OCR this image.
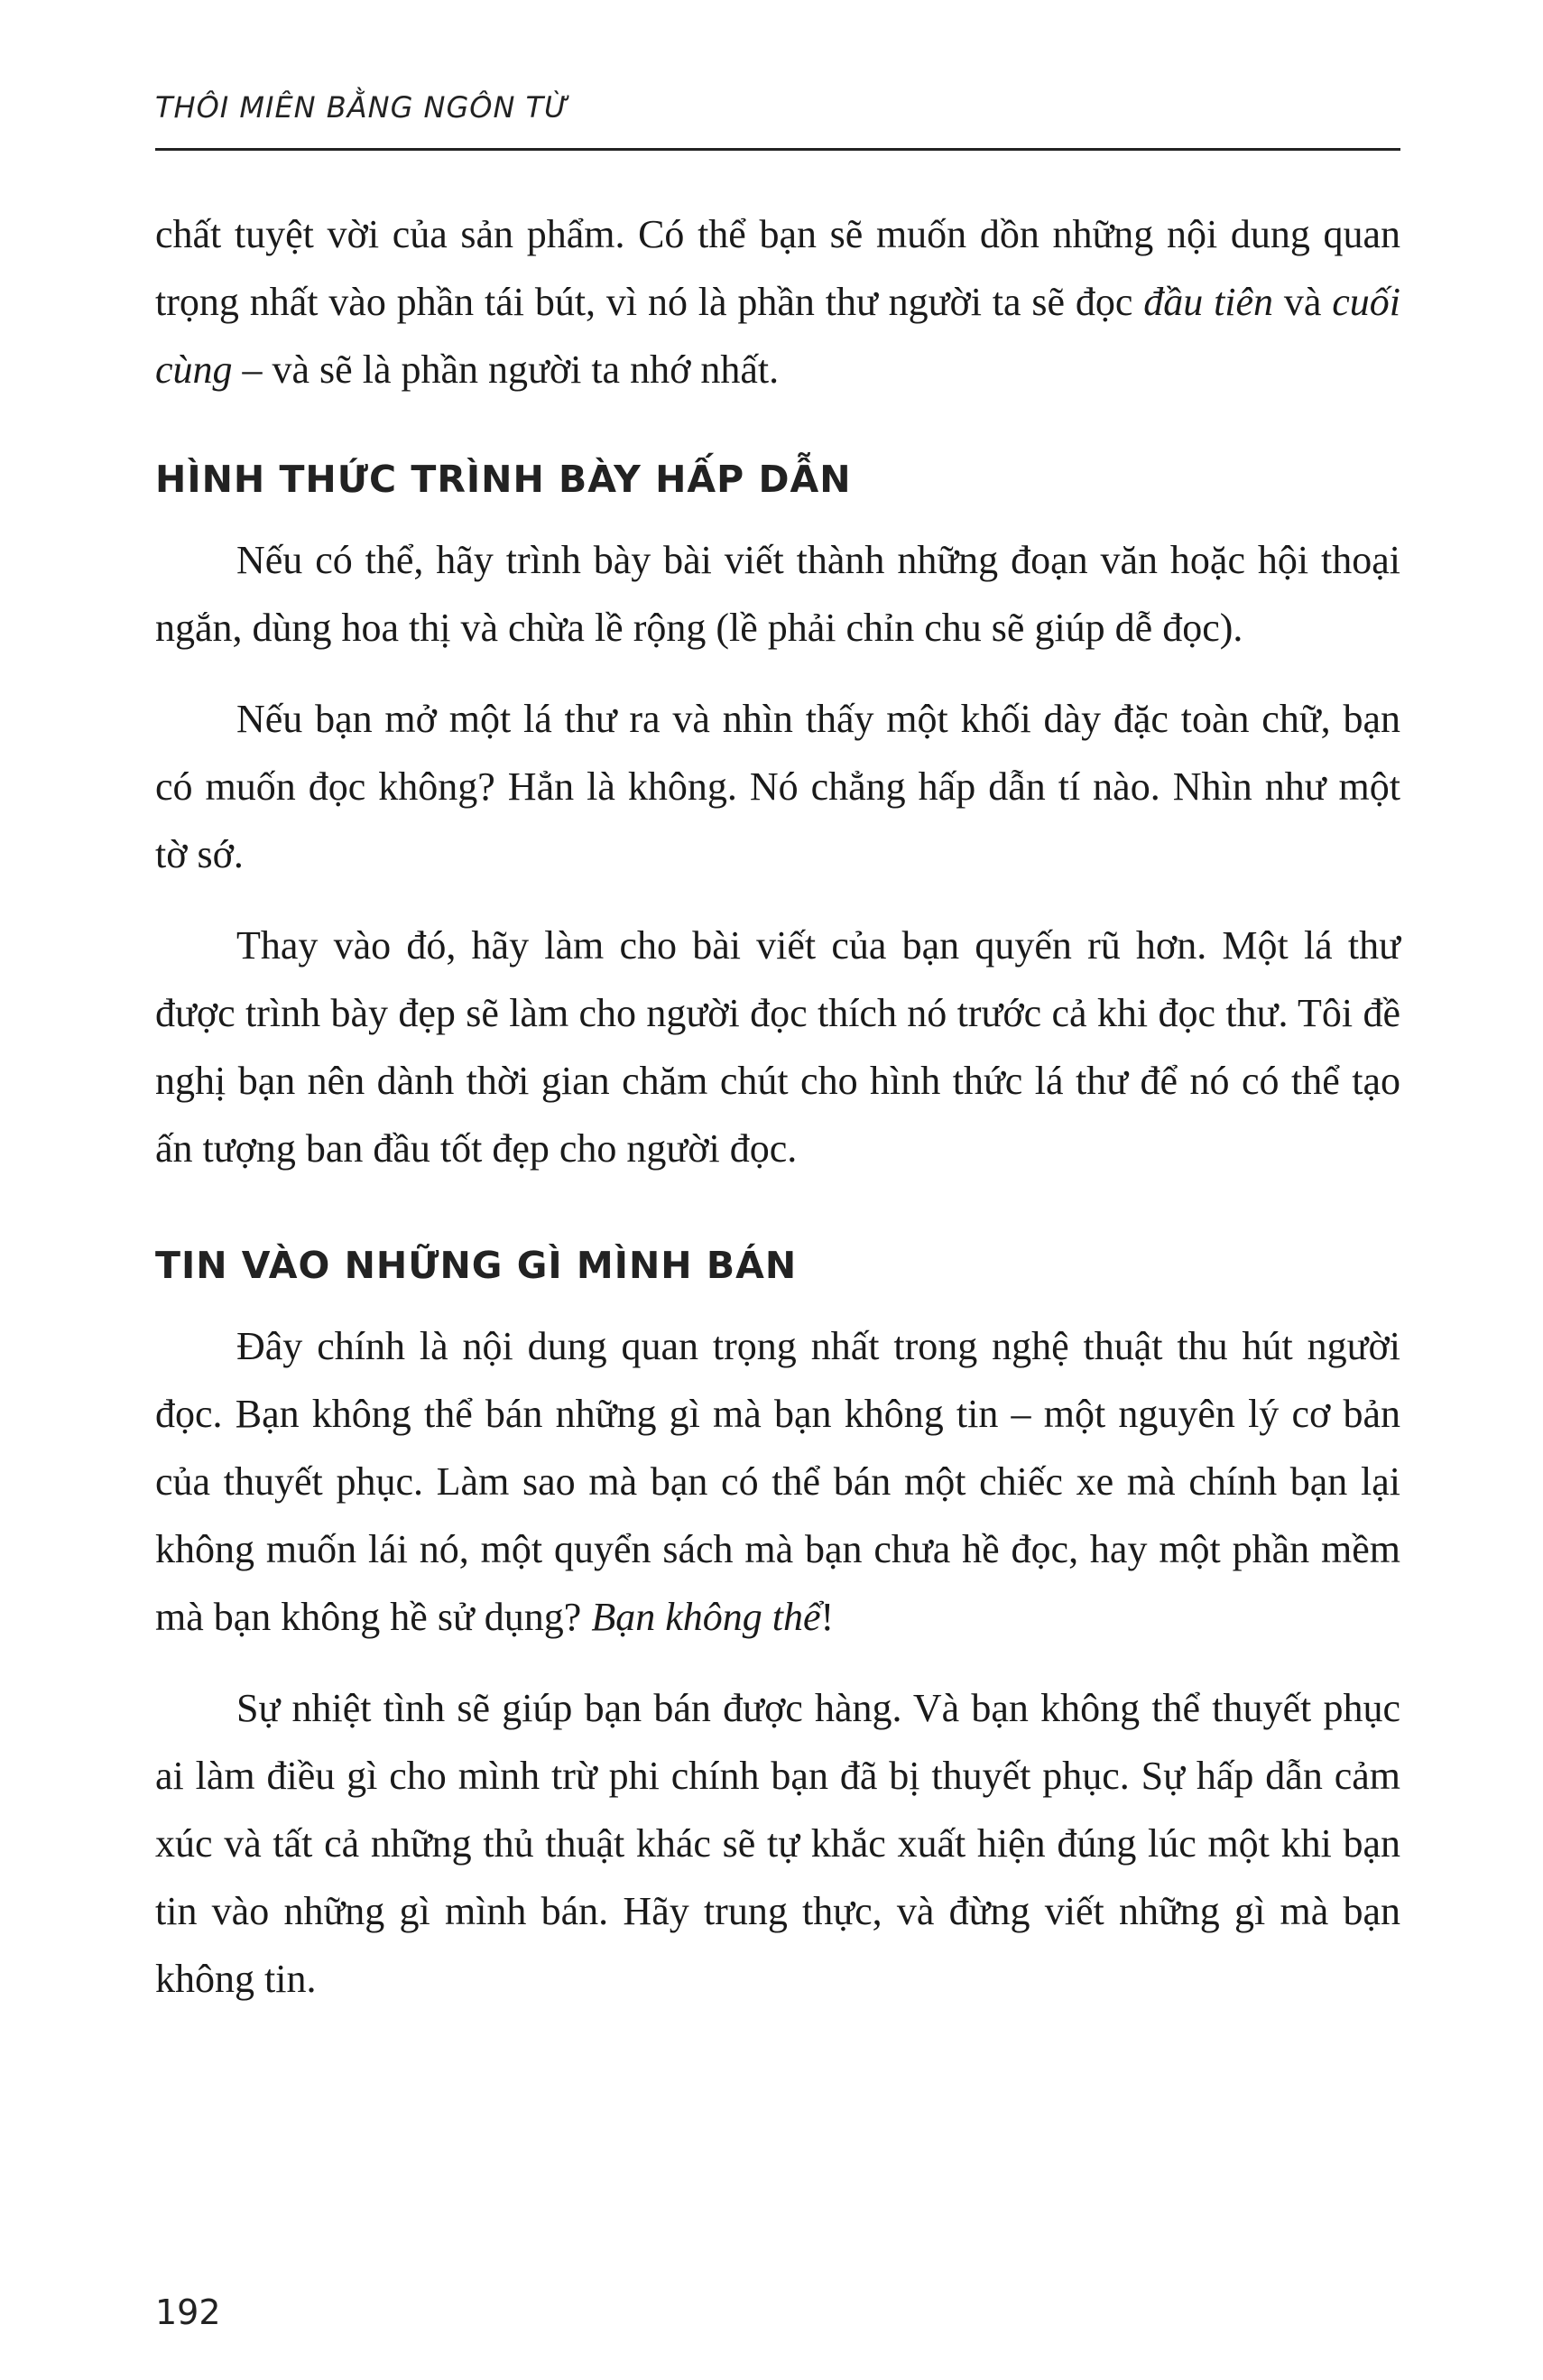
THÔI MIÊN BẰNG NGÔN TỪ

chất tuyệt vời của sản phẩm. Có thể bạn sẽ muốn dồn những nội dung quan trọng nhất vào phần tái bút, vì nó là phần thư người ta sẽ đọc đầu tiên và cuối cùng – và sẽ là phần người ta nhớ nhất.

HÌNH THỨC TRÌNH BÀY HẤP DẪN

Nếu có thể, hãy trình bày bài viết thành những đoạn văn hoặc hội thoại ngắn, dùng hoa thị và chừa lề rộng (lề phải chỉn chu sẽ giúp dễ đọc).

Nếu bạn mở một lá thư ra và nhìn thấy một khối dày đặc toàn chữ, bạn có muốn đọc không? Hẳn là không. Nó chẳng hấp dẫn tí nào. Nhìn như một tờ sớ.

Thay vào đó, hãy làm cho bài viết của bạn quyến rũ hơn. Một lá thư được trình bày đẹp sẽ làm cho người đọc thích nó trước cả khi đọc thư. Tôi đề nghị bạn nên dành thời gian chăm chút cho hình thức lá thư để nó có thể tạo ấn tượng ban đầu tốt đẹp cho người đọc.

TIN VÀO NHỮNG GÌ MÌNH BÁN

Đây chính là nội dung quan trọng nhất trong nghệ thuật thu hút người đọc. Bạn không thể bán những gì mà bạn không tin – một nguyên lý cơ bản của thuyết phục. Làm sao mà bạn có thể bán một chiếc xe mà chính bạn lại không muốn lái nó, một quyển sách mà bạn chưa hề đọc, hay một phần mềm mà bạn không hề sử dụng? Bạn không thể!

Sự nhiệt tình sẽ giúp bạn bán được hàng. Và bạn không thể thuyết phục ai làm điều gì cho mình trừ phi chính bạn đã bị thuyết phục. Sự hấp dẫn cảm xúc và tất cả những thủ thuật khác sẽ tự khắc xuất hiện đúng lúc một khi bạn tin vào những gì mình bán. Hãy trung thực, và đừng viết những gì mà bạn không tin.

192
